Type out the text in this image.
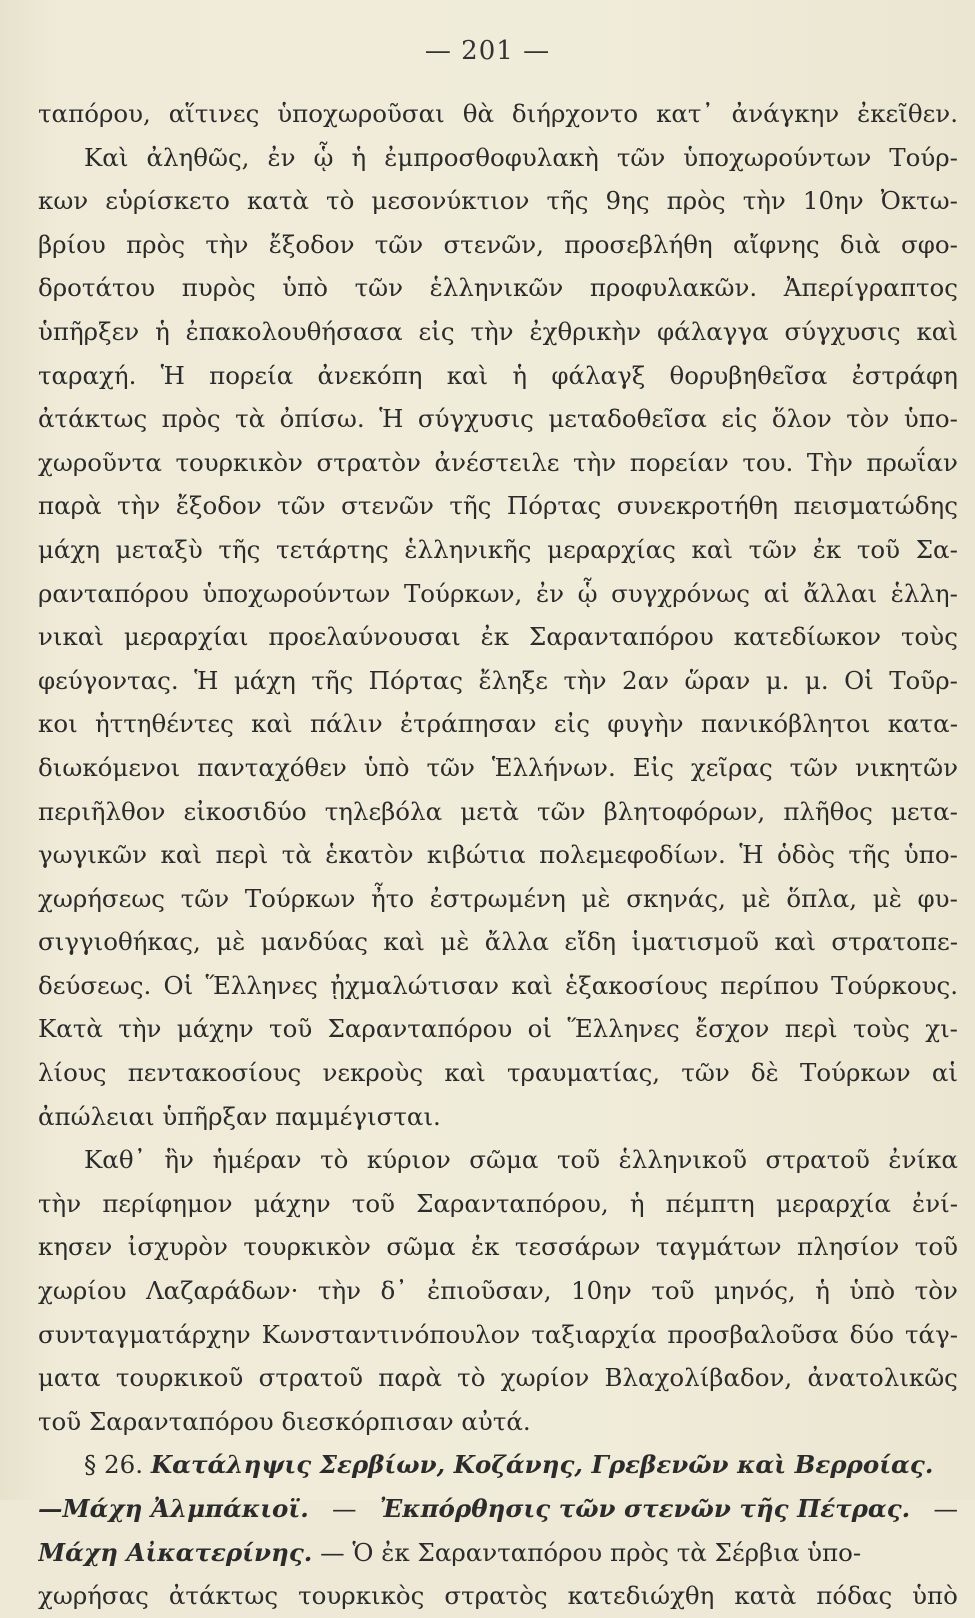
— 201 —
ταπόρου, αἵτινες ὑποχωροῦσαι θὰ διήρχοντο κατ᾽ ἀνάγκην ἐκεῖθεν.
Καὶ ἀληθῶς, ἐν ᾧ ἡ ἐμπροσθοφυλακὴ τῶν ὑποχωρούντων Τούρ-
κων εὑρίσκετο κατὰ τὸ μεσονύκτιον τῆς 9ης πρὸς τὴν 10ην Ὀκτω-
βρίου πρὸς τὴν ἔξοδον τῶν στενῶν, προσεβλήθη αἴφνης διὰ σφο-
δροτάτου πυρὸς ὑπὸ τῶν ἑλληνικῶν προφυλακῶν. Ἀπερίγραπτος
ὑπῆρξεν ἡ ἐπακολουθήσασα εἰς τὴν ἐχθρικὴν φάλαγγα σύγχυσις καὶ
ταραχή. Ἡ πορεία ἀνεκόπη καὶ ἡ φάλαγξ θορυβηθεῖσα ἐστράφη
ἀτάκτως πρὸς τὰ ὀπίσω. Ἡ σύγχυσις μεταδοθεῖσα εἰς ὅλον τὸν ὑπο-
χωροῦντα τουρκικὸν στρατὸν ἀνέστειλε τὴν πορείαν του. Τὴν πρωΐαν
παρὰ τὴν ἔξοδον τῶν στενῶν τῆς Πόρτας συνεκροτήθη πεισματώδης
μάχη μεταξὺ τῆς τετάρτης ἑλληνικῆς μεραρχίας καὶ τῶν ἐκ τοῦ Σα-
ρανταπόρου ὑποχωρούντων Τούρκων, ἐν ᾧ συγχρόνως αἱ ἄλλαι ἑλλη-
νικαὶ μεραρχίαι προελαύνουσαι ἐκ Σαρανταπόρου κατεδίωκον τοὺς
φεύγοντας. Ἡ μάχη τῆς Πόρτας ἔληξε τὴν 2αν ὥραν μ. μ. Οἱ Τοῦρ-
κοι ἡττηθέντες καὶ πάλιν ἐτράπησαν εἰς φυγὴν πανικόβλητοι κατα-
διωκόμενοι πανταχόθεν ὑπὸ τῶν Ἑλλήνων. Εἰς χεῖρας τῶν νικητῶν
περιῆλθον εἰκοσιδύο τηλεβόλα μετὰ τῶν βλητοφόρων, πλῆθος μετα-
γωγικῶν καὶ περὶ τὰ ἑκατὸν κιβώτια πολεμεφοδίων. Ἡ ὁδὸς τῆς ὑπο-
χωρήσεως τῶν Τούρκων ἦτο ἐστρωμένη μὲ σκηνάς, μὲ ὅπλα, μὲ φυ-
σιγγιοθήκας, μὲ μανδύας καὶ μὲ ἄλλα εἴδη ἱματισμοῦ καὶ στρατοπε-
δεύσεως. Οἱ Ἕλληνες ᾐχμαλώτισαν καὶ ἑξακοσίους περίπου Τούρκους.
Κατὰ τὴν μάχην τοῦ Σαρανταπόρου οἱ Ἕλληνες ἔσχον περὶ τοὺς χι-
λίους πεντακοσίους νεκροὺς καὶ τραυματίας, τῶν δὲ Τούρκων αἱ
ἀπώλειαι ὑπῆρξαν παμμέγισται.
Καθ᾽ ἣν ἡμέραν τὸ κύριον σῶμα τοῦ ἑλληνικοῦ στρατοῦ ἐνίκα
τὴν περίφημον μάχην τοῦ Σαρανταπόρου, ἡ πέμπτη μεραρχία ἐνί-
κησεν ἰσχυρὸν τουρκικὸν σῶμα ἐκ τεσσάρων ταγμάτων πλησίον τοῦ
χωρίου Λαζαράδων· τὴν δ᾽ ἐπιοῦσαν, 10ην τοῦ μηνός, ἡ ὑπὸ τὸν
συνταγματάρχην Κωνσταντινόπουλον ταξιαρχία προσβαλοῦσα δύο τάγ-
ματα τουρκικοῦ στρατοῦ παρὰ τὸ χωρίον Βλαχολίβαδον, ἀνατολικῶς
τοῦ Σαρανταπόρου διεσκόρπισαν αὐτά.
§ 26. Κατάληψις Σερβίων, Κοζάνης, Γρεβενῶν καὶ Βερροίας.
—Μάχη Ἀλμπάκιοϊ. — Ἐκπόρθησις τῶν στενῶν τῆς Πέτρας. —
Μάχη Αἰκατερίνης. — Ὁ ἐκ Σαρανταπόρου πρὸς τὰ Σέρβια ὑπο-
χωρήσας ἀτάκτως τουρκικὸς στρατὸς κατεδιώχθη κατὰ πόδας ὑπὸ
